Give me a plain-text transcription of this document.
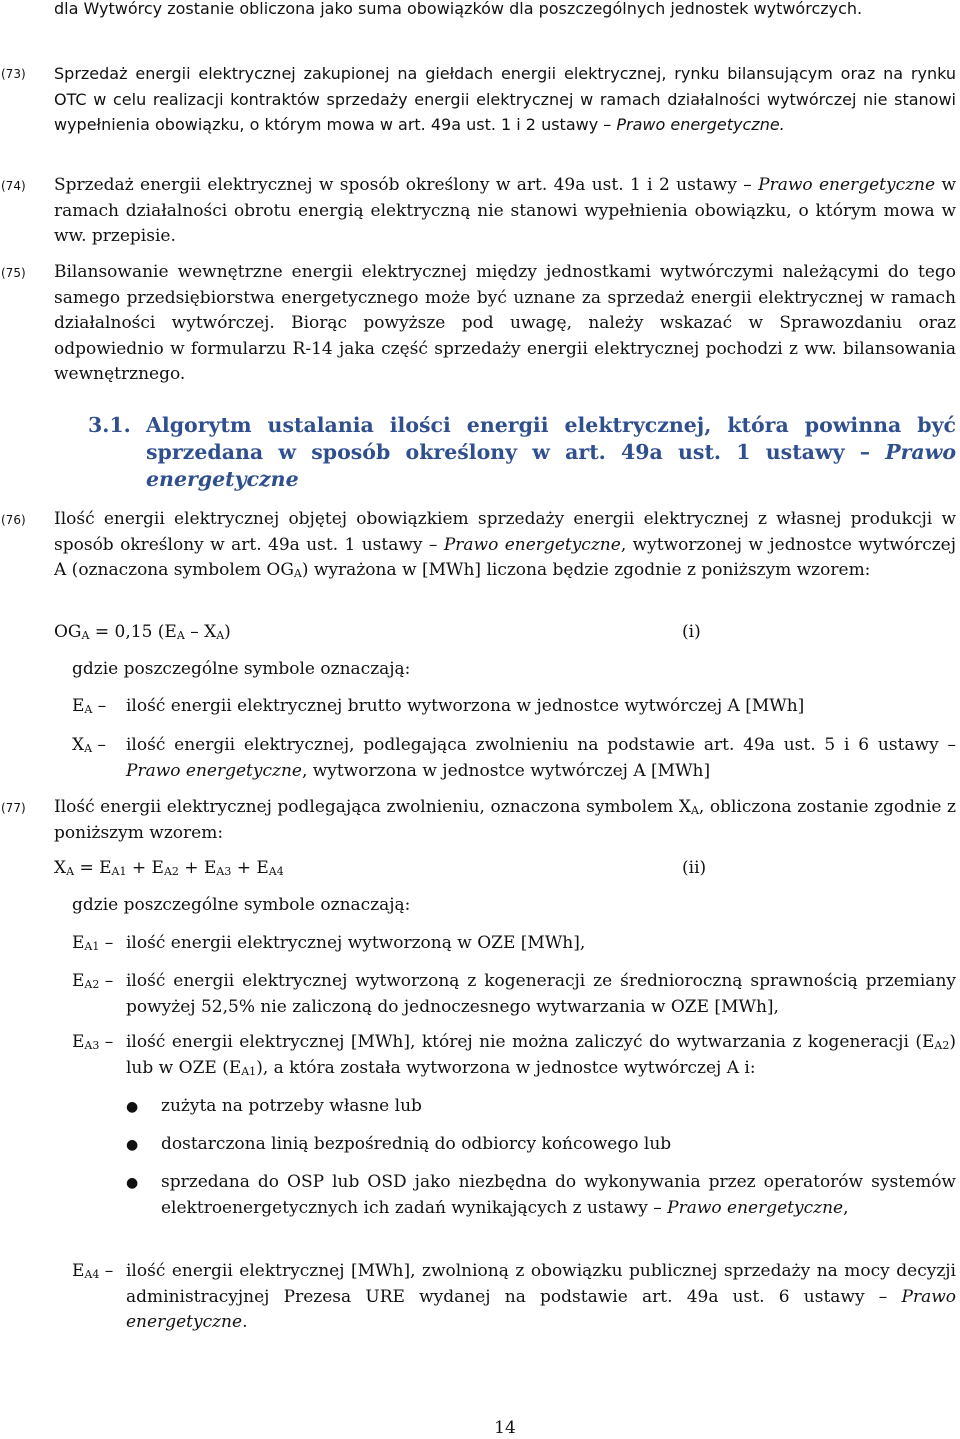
dla Wytwórcy zostanie obliczona jako suma obowiązków dla poszczególnych jednostek wytwórczych.
(73) Sprzedaż energii elektrycznej zakupionej na giełdach energii elektrycznej, rynku bilansującym oraz na rynku OTC w celu realizacji kontraktów sprzedaży energii elektrycznej w ramach działalności wytwórczej nie stanowi wypełnienia obowiązku, o którym mowa w art. 49a ust. 1 i 2 ustawy – Prawo energetyczne.
(74) Sprzedaż energii elektrycznej w sposób określony w art. 49a ust. 1 i 2 ustawy – Prawo energetyczne w ramach działalności obrotu energią elektryczną nie stanowi wypełnienia obowiązku, o którym mowa w ww. przepisie.
(75) Bilansowanie wewnętrzne energii elektrycznej między jednostkami wytwórczymi należącymi do tego samego przedsiębiorstwa energetycznego może być uznane za sprzedaż energii elektrycznej w ramach działalności wytwórczej. Biorąc powyższe pod uwagę, należy wskazać w Sprawozdaniu oraz odpowiednio w formularzu R-14 jaka część sprzedaży energii elektrycznej pochodzi z ww. bilansowania wewnętrznego.
3.1. Algorytm ustalania ilości energii elektrycznej, która powinna być sprzedana w sposób określony w art. 49a ust. 1 ustawy – Prawo energetyczne
(76) Ilość energii elektrycznej objętej obowiązkiem sprzedaży energii elektrycznej z własnej produkcji w sposób określony w art. 49a ust. 1 ustawy – Prawo energetyczne, wytworzonej w jednostce wytwórczej A (oznaczona symbolem $OG_A$) wyrażona w [MWh] liczona będzie zgodnie z poniższym wzorem:
$OG_A = 0,15$ $(E_A - X_A)$	(i)
gdzie poszczególne symbole oznaczają:
$E_A$ – ilość energii elektrycznej brutto wytworzona w jednostce wytwórczej A [MWh]
$X_A$ – ilość energii elektrycznej, podlegająca zwolnieniu na podstawie art. 49a ust. 5 i 6 ustawy – Prawo energetyczne, wytworzona w jednostce wytwórczej A [MWh]
(77) Ilość energii elektrycznej podlegająca zwolnieniu, oznaczona symbolem $X_A$, obliczona zostanie zgodnie z poniższym wzorem:
$X_A = E_{A1} + E_{A2} + E_{A3} + E_{A4}$	(ii)
gdzie poszczególne symbole oznaczają:
$E_{A1}$ – ilość energii elektrycznej wytworzoną w OZE [MWh],
$E_{A2}$ – ilość energii elektrycznej wytworzoną z kogeneracji ze średnioroczną sprawnością przemiany powyżej 52,5% nie zaliczoną do jednoczesnego wytwarzania w OZE [MWh],
$E_{A3}$ – ilość energii elektrycznej [MWh], której nie można zaliczyć do wytwarzania z kogeneracji $(E_{A2})$ lub w OZE $(E_{A1})$, a która została wytworzona w jednostce wytwórczej A i:
● zużyta na potrzeby własne lub
● dostarczona linią bezpośrednią do odbiorcy końcowego lub
● sprzedana do OSP lub OSD jako niezbędna do wykonywania przez operatorów systemów elektroenergetycznych ich zadań wynikających z ustawy – Prawo energetyczne,
$E_{A4}$ – ilość energii elektrycznej [MWh], zwolnioną z obowiązku publicznej sprzedaży na mocy decyzji administracyjnej Prezesa URE wydanej na podstawie art. 49a ust. 6 ustawy – Prawo energetyczne.
14
